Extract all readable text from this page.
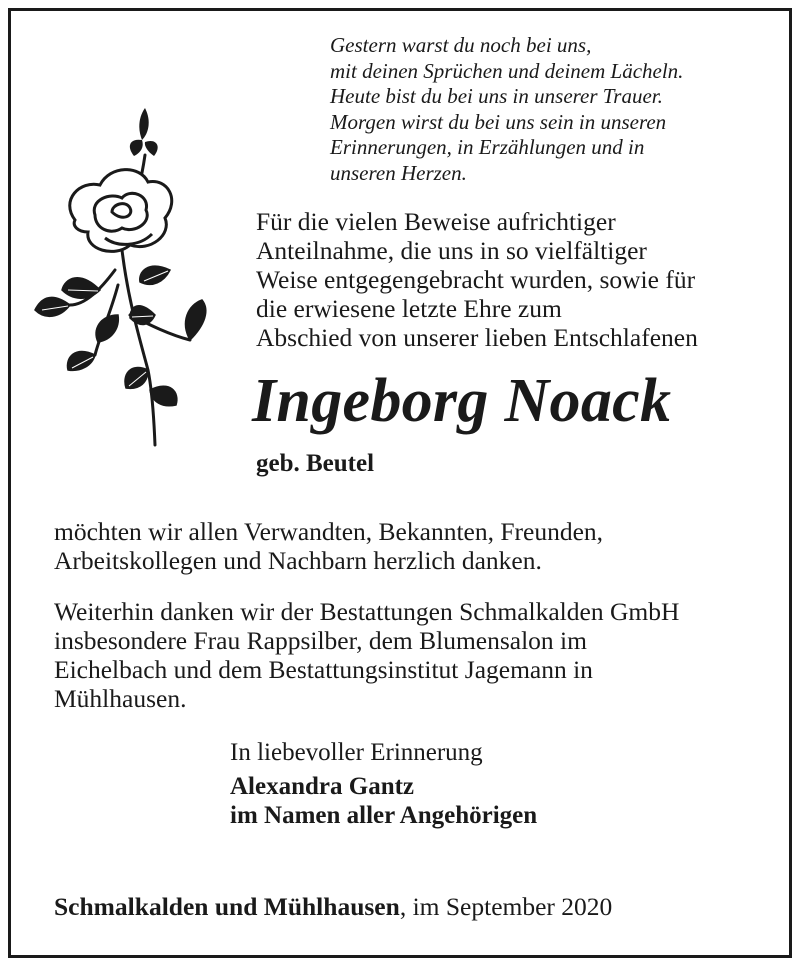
Gestern warst du noch bei uns,
mit deinen Sprüchen und deinem Lächeln.
Heute bist du bei uns in unserer Trauer.
Morgen wirst du bei uns sein in unseren
Erinnerungen, in Erzählungen und in
unseren Herzen.
Für die vielen Beweise aufrichtiger
Anteilnahme, die uns in so vielfältiger
Weise entgegengebracht wurden, sowie für
die erwiesene letzte Ehre zum
Abschied von unserer lieben Entschlafenen
Ingeborg Noack
geb. Beutel
möchten wir allen Verwandten, Bekannten, Freunden,
Arbeitskollegen und Nachbarn herzlich danken.
Weiterhin danken wir der Bestattungen Schmalkalden GmbH
insbesondere Frau Rappsilber, dem Blumensalon im
Eichelbach und dem Bestattungsinstitut Jagemann in
Mühlhausen.
In liebevoller Erinnerung
Alexandra Gantz
im Namen aller Angehörigen
Schmalkalden und Mühlhausen, im September 2020
